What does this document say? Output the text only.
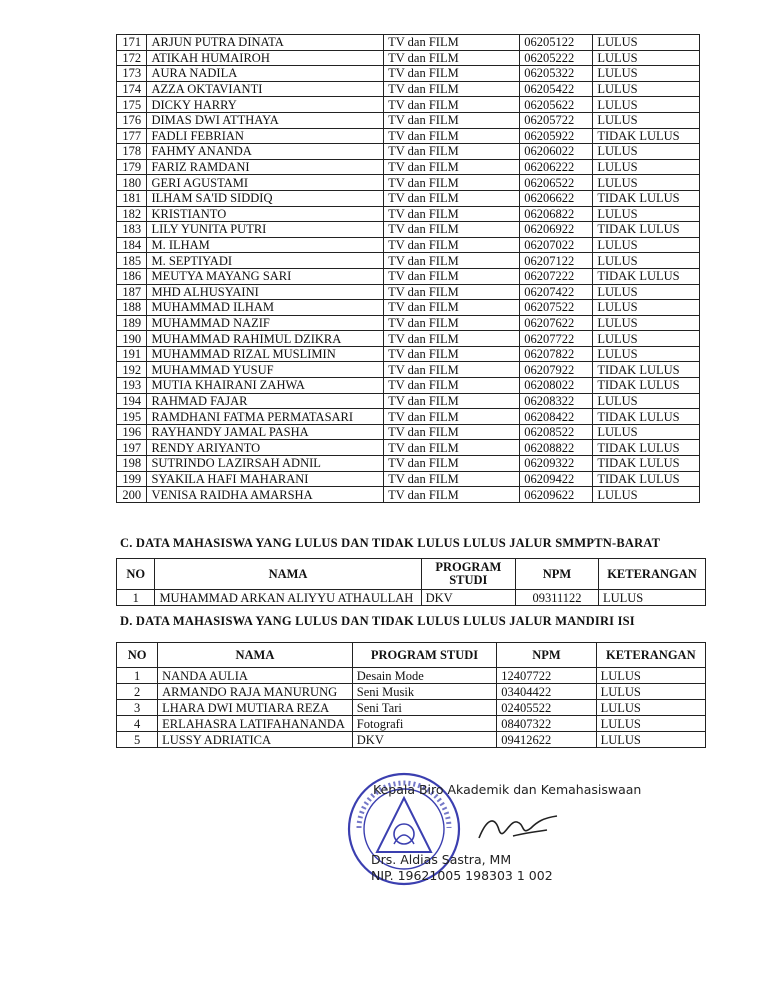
171	ARJUN PUTRA DINATA	TV dan FILM	06205122	LULUS
172	ATIKAH HUMAIROH	TV dan FILM	06205222	LULUS
173	AURA NADILA	TV dan FILM	06205322	LULUS
174	AZZA OKTAVIANTI	TV dan FILM	06205422	LULUS
175	DICKY HARRY	TV dan FILM	06205622	LULUS
176	DIMAS DWI ATTHAYA	TV dan FILM	06205722	LULUS
177	FADLI FEBRIAN	TV dan FILM	06205922	TIDAK LULUS
178	FAHMY ANANDA	TV dan FILM	06206022	LULUS
179	FARIZ RAMDANI	TV dan FILM	06206222	LULUS
180	GERI AGUSTAMI	TV dan FILM	06206522	LULUS
181	ILHAM SA'ID SIDDIQ	TV dan FILM	06206622	TIDAK LULUS
182	KRISTIANTO	TV dan FILM	06206822	LULUS
183	LILY YUNITA PUTRI	TV dan FILM	06206922	TIDAK LULUS
184	M. ILHAM	TV dan FILM	06207022	LULUS
185	M. SEPTIYADI	TV dan FILM	06207122	LULUS
186	MEUTYA MAYANG SARI	TV dan FILM	06207222	TIDAK LULUS
187	MHD ALHUSYAINI	TV dan FILM	06207422	LULUS
188	MUHAMMAD ILHAM	TV dan FILM	06207522	LULUS
189	MUHAMMAD NAZIF	TV dan FILM	06207622	LULUS
190	MUHAMMAD RAHIMUL DZIKRA	TV dan FILM	06207722	LULUS
191	MUHAMMAD RIZAL MUSLIMIN	TV dan FILM	06207822	LULUS
192	MUHAMMAD YUSUF	TV dan FILM	06207922	TIDAK LULUS
193	MUTIA KHAIRANI ZAHWA	TV dan FILM	06208022	TIDAK LULUS
194	RAHMAD FAJAR	TV dan FILM	06208322	LULUS
195	RAMDHANI FATMA PERMATASARI	TV dan FILM	06208422	TIDAK LULUS
196	RAYHANDY JAMAL PASHA	TV dan FILM	06208522	LULUS
197	RENDY ARIYANTO	TV dan FILM	06208822	TIDAK LULUS
198	SUTRINDO LAZIRSAH ADNIL	TV dan FILM	06209322	TIDAK LULUS
199	SYAKILA HAFI MAHARANI	TV dan FILM	06209422	TIDAK LULUS
200	VENISA RAIDHA AMARSHA	TV dan FILM	06209622	LULUS
C. DATA MAHASISWA YANG LULUS DAN TIDAK LULUS LULUS JALUR SMMPTN-BARAT
NO	NAMA	PROGRAM STUDI	NPM	KETERANGAN
1	MUHAMMAD ARKAN ALIYYU ATHAULLAH	DKV	09311122	LULUS
D. DATA MAHASISWA YANG LULUS DAN TIDAK LULUS LULUS JALUR MANDIRI ISI
NO	NAMA	PROGRAM STUDI	NPM	KETERANGAN
1	NANDA AULIA	Desain Mode	12407722	LULUS
2	ARMANDO RAJA MANURUNG	Seni Musik	03404422	LULUS
3	LHARA DWI MUTIARA REZA	Seni Tari	02405522	LULUS
4	ERLAHASRA LATIFAHANANDA	Fotografi	08407322	LULUS
5	LUSSY ADRIATICA	DKV	09412622	LULUS
Kepala Biro Akademik dan Kemahasiswaan
Drs. Aldias Sastra, MM
NIP. 19621005 198303 1 002
